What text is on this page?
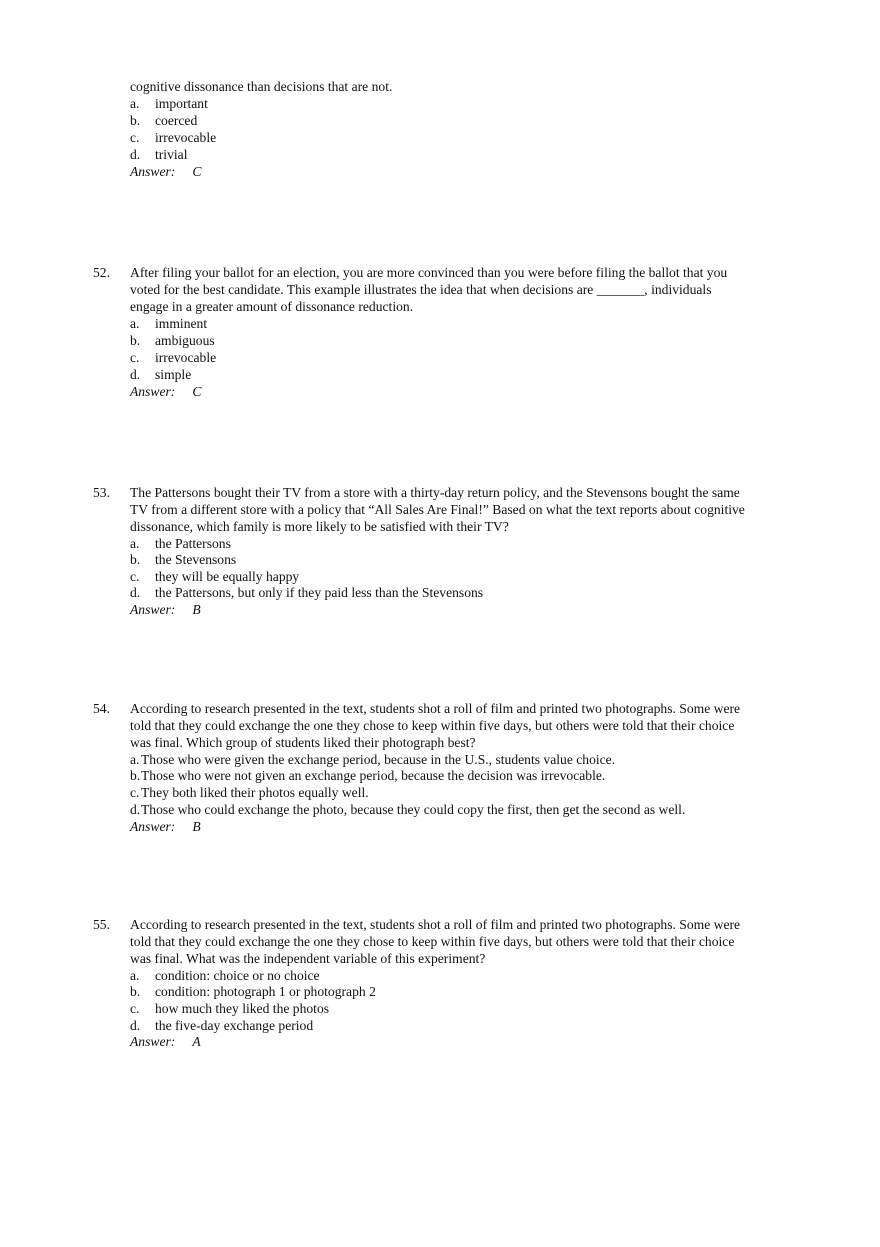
cognitive dissonance than decisions that are not.
a. important
b. coerced
c. irrevocable
d. trivial
Answer: C
52. After filing your ballot for an election, you are more convinced than you were before filing the ballot that you
voted for the best candidate. This example illustrates the idea that when decisions are _______, individuals
engage in a greater amount of dissonance reduction.
a. imminent
b. ambiguous
c. irrevocable
d. simple
Answer: C
53. The Pattersons bought their TV from a store with a thirty-day return policy, and the Stevensons bought the same
TV from a different store with a policy that “All Sales Are Final!” Based on what the text reports about cognitive
dissonance, which family is more likely to be satisfied with their TV?
a. the Pattersons
b. the Stevensons
c. they will be equally happy
d. the Pattersons, but only if they paid less than the Stevensons
Answer: B
54. According to research presented in the text, students shot a roll of film and printed two photographs. Some were
told that they could exchange the one they chose to keep within five days, but others were told that their choice
was final. Which group of students liked their photograph best?
a. Those who were given the exchange period, because in the U.S., students value choice.
b. Those who were not given an exchange period, because the decision was irrevocable.
c. They both liked their photos equally well.
d. Those who could exchange the photo, because they could copy the first, then get the second as well.
Answer: B
55. According to research presented in the text, students shot a roll of film and printed two photographs. Some were
told that they could exchange the one they chose to keep within five days, but others were told that their choice
was final. What was the independent variable of this experiment?
a. condition: choice or no choice
b. condition: photograph 1 or photograph 2
c. how much they liked the photos
d. the five-day exchange period
Answer: A
